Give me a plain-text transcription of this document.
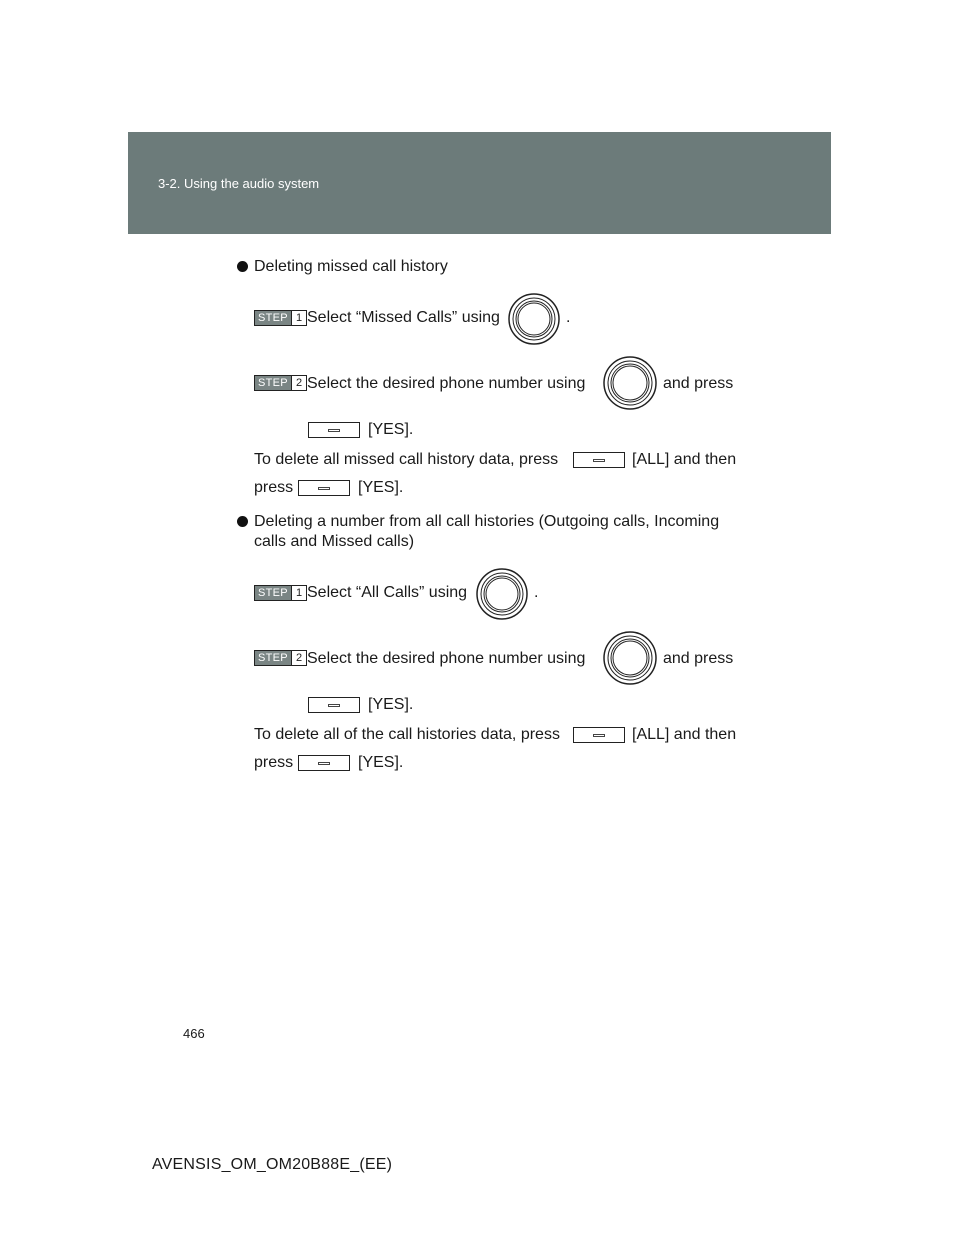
3-2. Using the audio system
Deleting missed call history
STEP 1 Select “Missed Calls” using	.
STEP 2 Select the desired phone number using	and press
[YES].
To delete all missed call history data, press	[ALL] and then
press	[YES].
Deleting a number from all call histories (Outgoing calls, Incoming
calls and Missed calls)
STEP 1 Select “All Calls” using	.
STEP 2 Select the desired phone number using	and press
[YES].
To delete all of the call histories data, press	[ALL] and then
press	[YES].
466
AVENSIS_OM_OM20B88E_(EE)
